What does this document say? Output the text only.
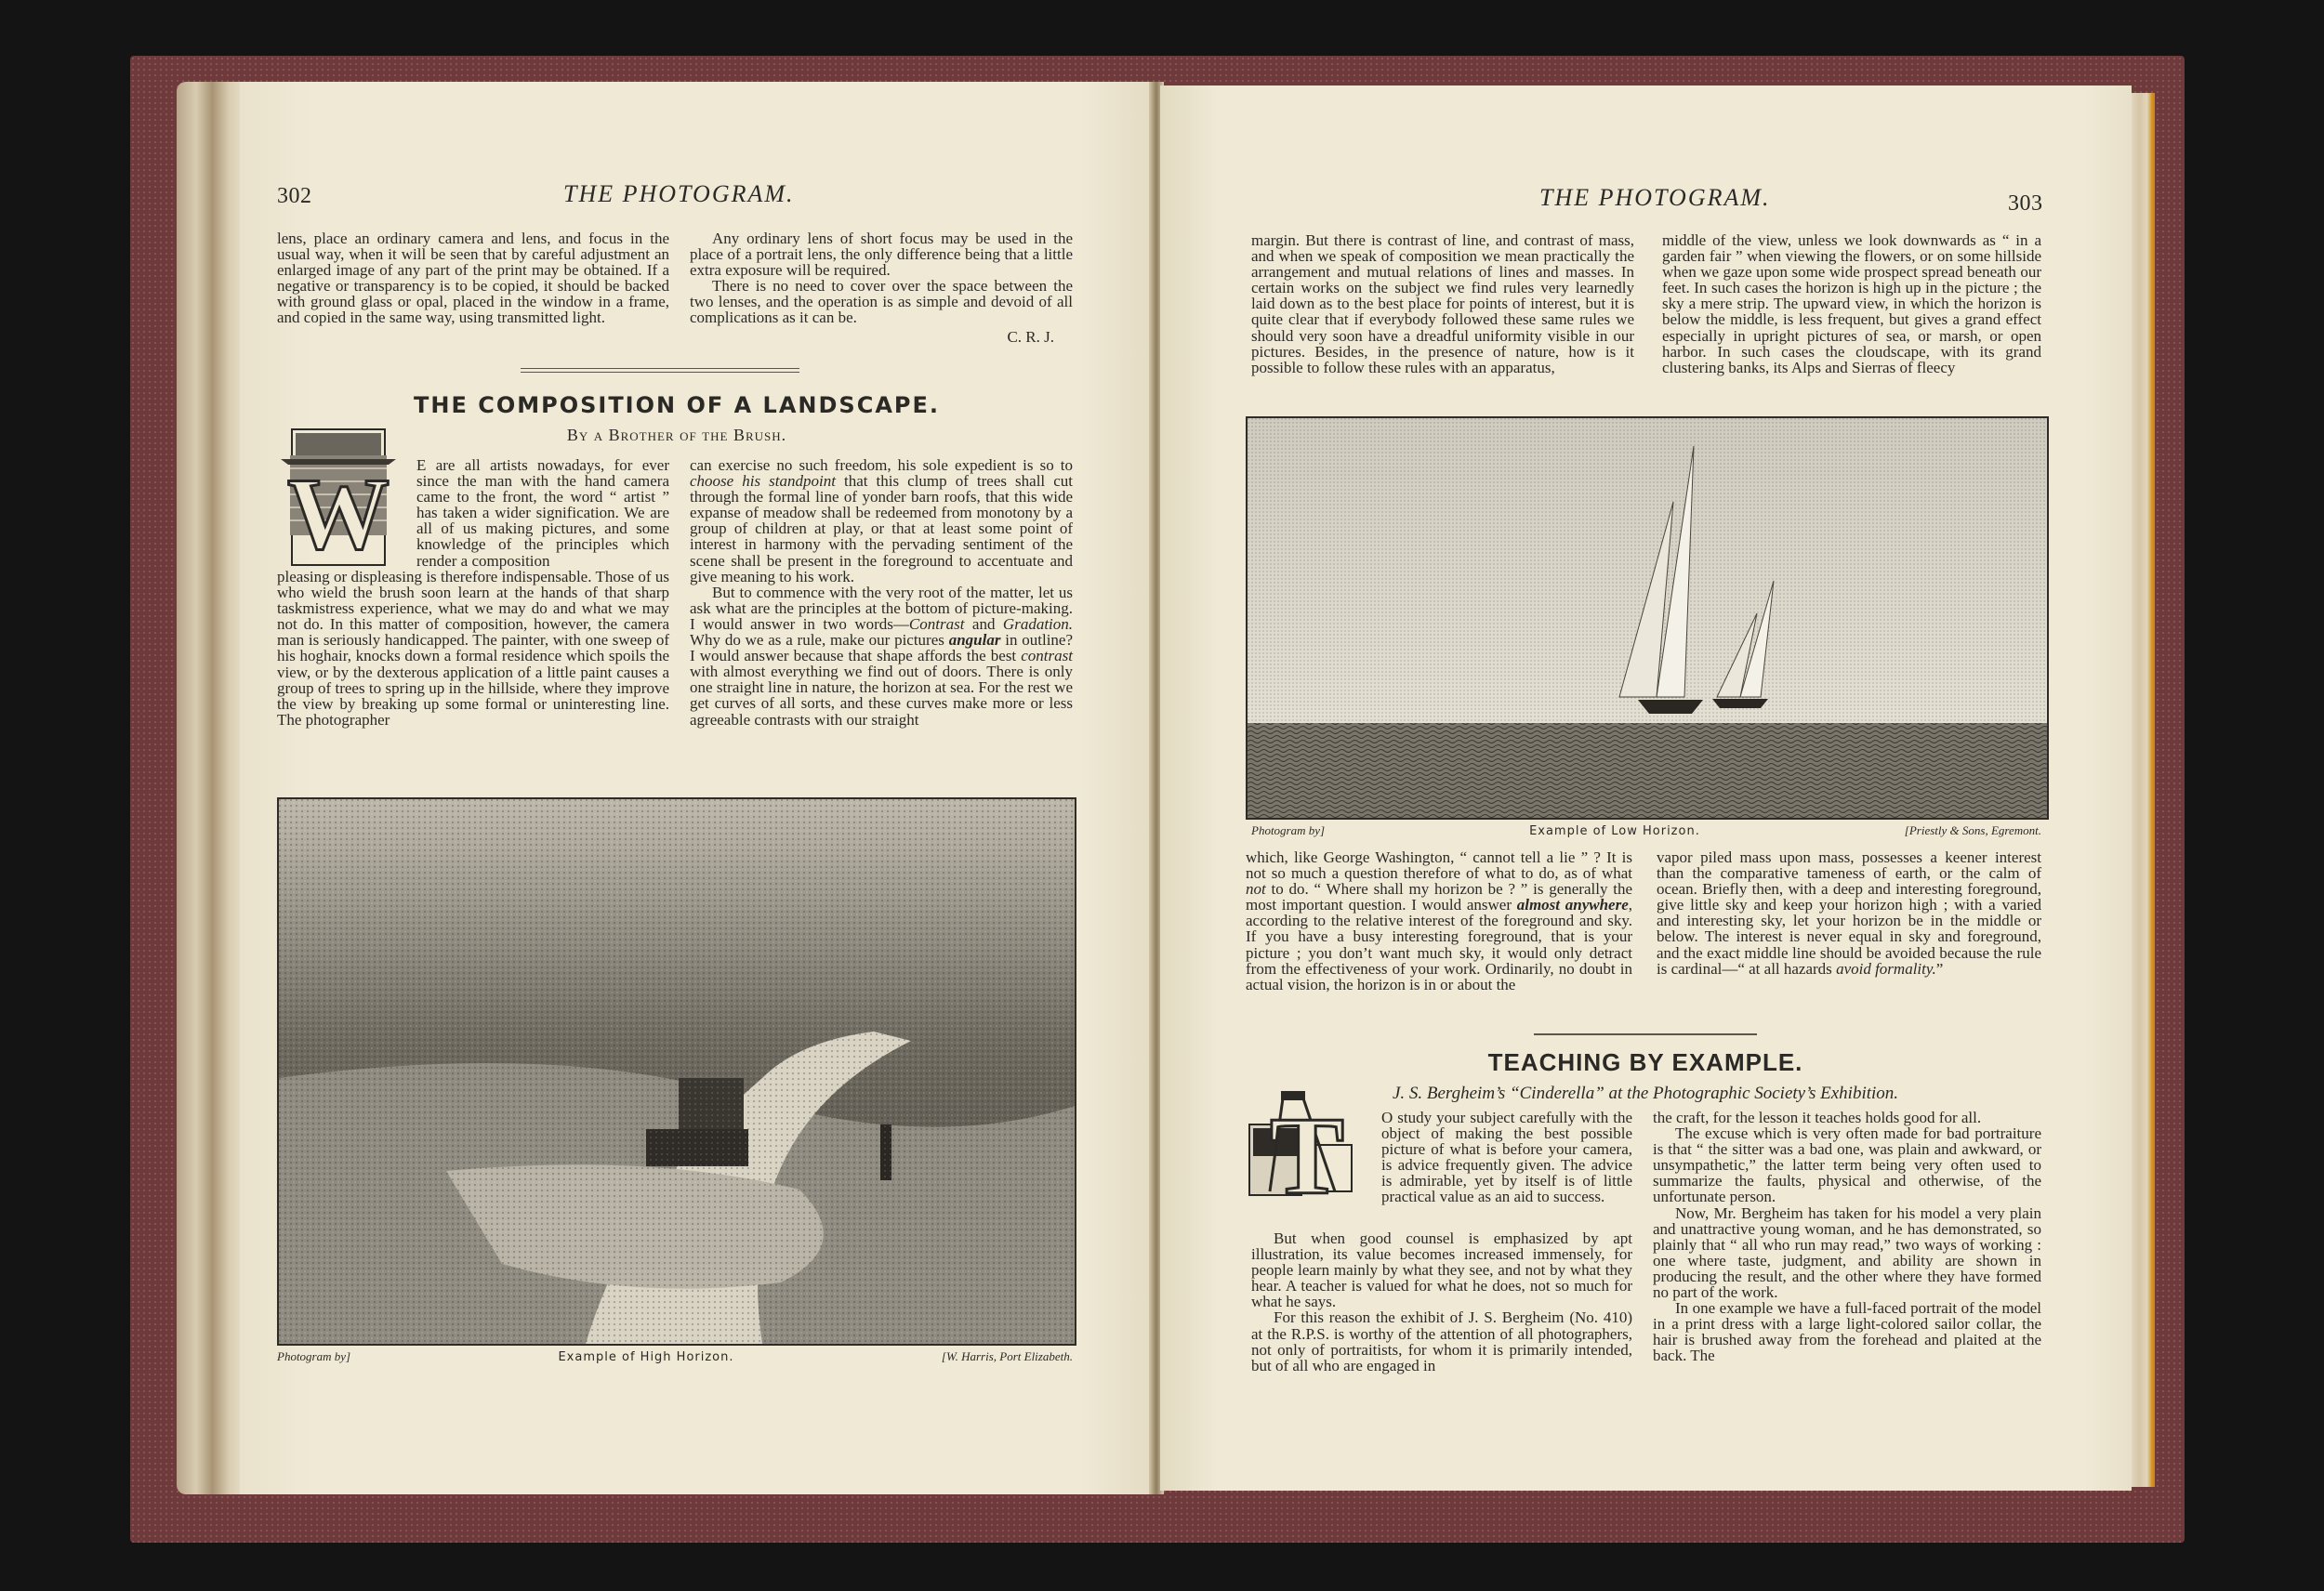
302	THE PHOTOGRAM.

lens, place an ordinary camera and lens, and focus in the usual way, when it will be seen that by careful adjustment an enlarged image of any part of the print may be obtained. If a negative or transparency is to be copied, it should be backed with ground glass or opal, placed in the window in a frame, and copied in the same way, using transmitted light.

Any ordinary lens of short focus may be used in the place of a portrait lens, the only difference being that a little extra exposure will be required.

There is no need to cover over the space between the two lenses, and the operation is as simple and devoid of all complications as it can be.

C. R. J.

THE COMPOSITION OF A LANDSCAPE.
By a Brother of the Brush.
W E are all artists nowadays, for ever since the man with the hand camera came to the front, the word “ artist ” has taken a wider signification. We are all of us making pictures, and some knowledge of the principles which render a composition

pleasing or displeasing is therefore indispensable. Those of us who wield the brush soon learn at the hands of that sharp taskmistress experience, what we may do and what we may not do. In this matter of composition, however, the camera man is seriously handicapped. The painter, with one sweep of his hoghair, knocks down a formal residence which spoils the view, or by the dexterous application of a little paint causes a group of trees to spring up in the hillside, where they improve the view by breaking up some formal or uninteresting line. The photographer

can exercise no such freedom, his sole expedient is so to choose his standpoint that this clump of trees shall cut through the formal line of yonder barn roofs, that this wide expanse of meadow shall be redeemed from monotony by a group of children at play, or that at least some point of interest in harmony with the pervading sentiment of the scene shall be present in the foreground to accentuate and give meaning to his work.

But to commence with the very root of the matter, let us ask what are the principles at the bottom of picture-making. I would answer in two words—Contrast and Gradation. Why do we as a rule, make our pictures angular in outline? I would answer because that shape affords the best contrast with almost everything we find out of doors. There is only one straight line in nature, the horizon at sea. For the rest we get curves of all sorts, and these curves make more or less agreeable contrasts with our straight

Photogram by]	Example of High Horizon.	[W. Harris, Port Elizabeth.
THE PHOTOGRAM.	303

margin. But there is contrast of line, and contrast of mass, and when we speak of composition we mean practically the arrangement and mutual relations of lines and masses. In certain works on the subject we find rules very learnedly laid down as to the best place for points of interest, but it is quite clear that if everybody followed these same rules we should very soon have a dreadful uniformity visible in our pictures. Besides, in the presence of nature, how is it possible to follow these rules with an apparatus,

middle of the view, unless we look downwards as “ in a garden fair ” when viewing the flowers, or on some hillside when we gaze upon some wide prospect spread beneath our feet. In such cases the horizon is high up in the picture ; the sky a mere strip. The upward view, in which the horizon is below the middle, is less frequent, but gives a grand effect especially in upright pictures of sea, or marsh, or open harbor. In such cases the cloudscape, with its grand clustering banks, its Alps and Sierras of fleecy

Photogram by]	Example of Low Horizon.	[Priestly & Sons, Egremont.

which, like George Washington, “ cannot tell a lie ” ? It is not so much a question therefore of what to do, as of what not to do. “ Where shall my horizon be ? ” is generally the most important question. I would answer almost anywhere, according to the relative interest of the foreground and sky. If you have a busy interesting foreground, that is your picture ; you don’t want much sky, it would only detract from the effectiveness of your work. Ordinarily, no doubt in actual vision, the horizon is in or about the

vapor piled mass upon mass, possesses a keener interest than the comparative tameness of earth, or the calm of ocean. Briefly then, with a deep and interesting foreground, give little sky and keep your horizon high ; with a varied and interesting sky, let your horizon be in the middle or below. The interest is never equal in sky and foreground, and the exact middle line should be avoided because the rule is cardinal—“ at all hazards avoid formality.”

TEACHING BY EXAMPLE.
J. S. Bergheim’s “Cinderella” at the Photographic Society’s Exhibition.
T O study your subject carefully with the object of making the best possible picture of what is before your camera, is advice frequently given. The advice is admirable, yet by itself is of little practical value as an aid to success.

But when good counsel is emphasized by apt illustration, its value becomes increased immensely, for people learn mainly by what they see, and not by what they hear. A teacher is valued for what he does, not so much for what he says.

For this reason the exhibit of J. S. Bergheim (No. 410) at the R.P.S. is worthy of the attention of all photographers, not only of portraitists, for whom it is primarily intended, but of all who are engaged in

the craft, for the lesson it teaches holds good for all.

The excuse which is very often made for bad portraiture is that “ the sitter was a bad one, was plain and awkward, or unsympathetic,” the latter term being very often used to summarize the faults, physical and otherwise, of the unfortunate person.

Now, Mr. Bergheim has taken for his model a very plain and unattractive young woman, and he has demonstrated, so plainly that “ all who run may read,” two ways of working : one where taste, judgment, and ability are shown in producing the result, and the other where they have formed no part of the work.

In one example we have a full-faced portrait of the model in a print dress with a large light-colored sailor collar, the hair is brushed away from the forehead and plaited at the back. The
